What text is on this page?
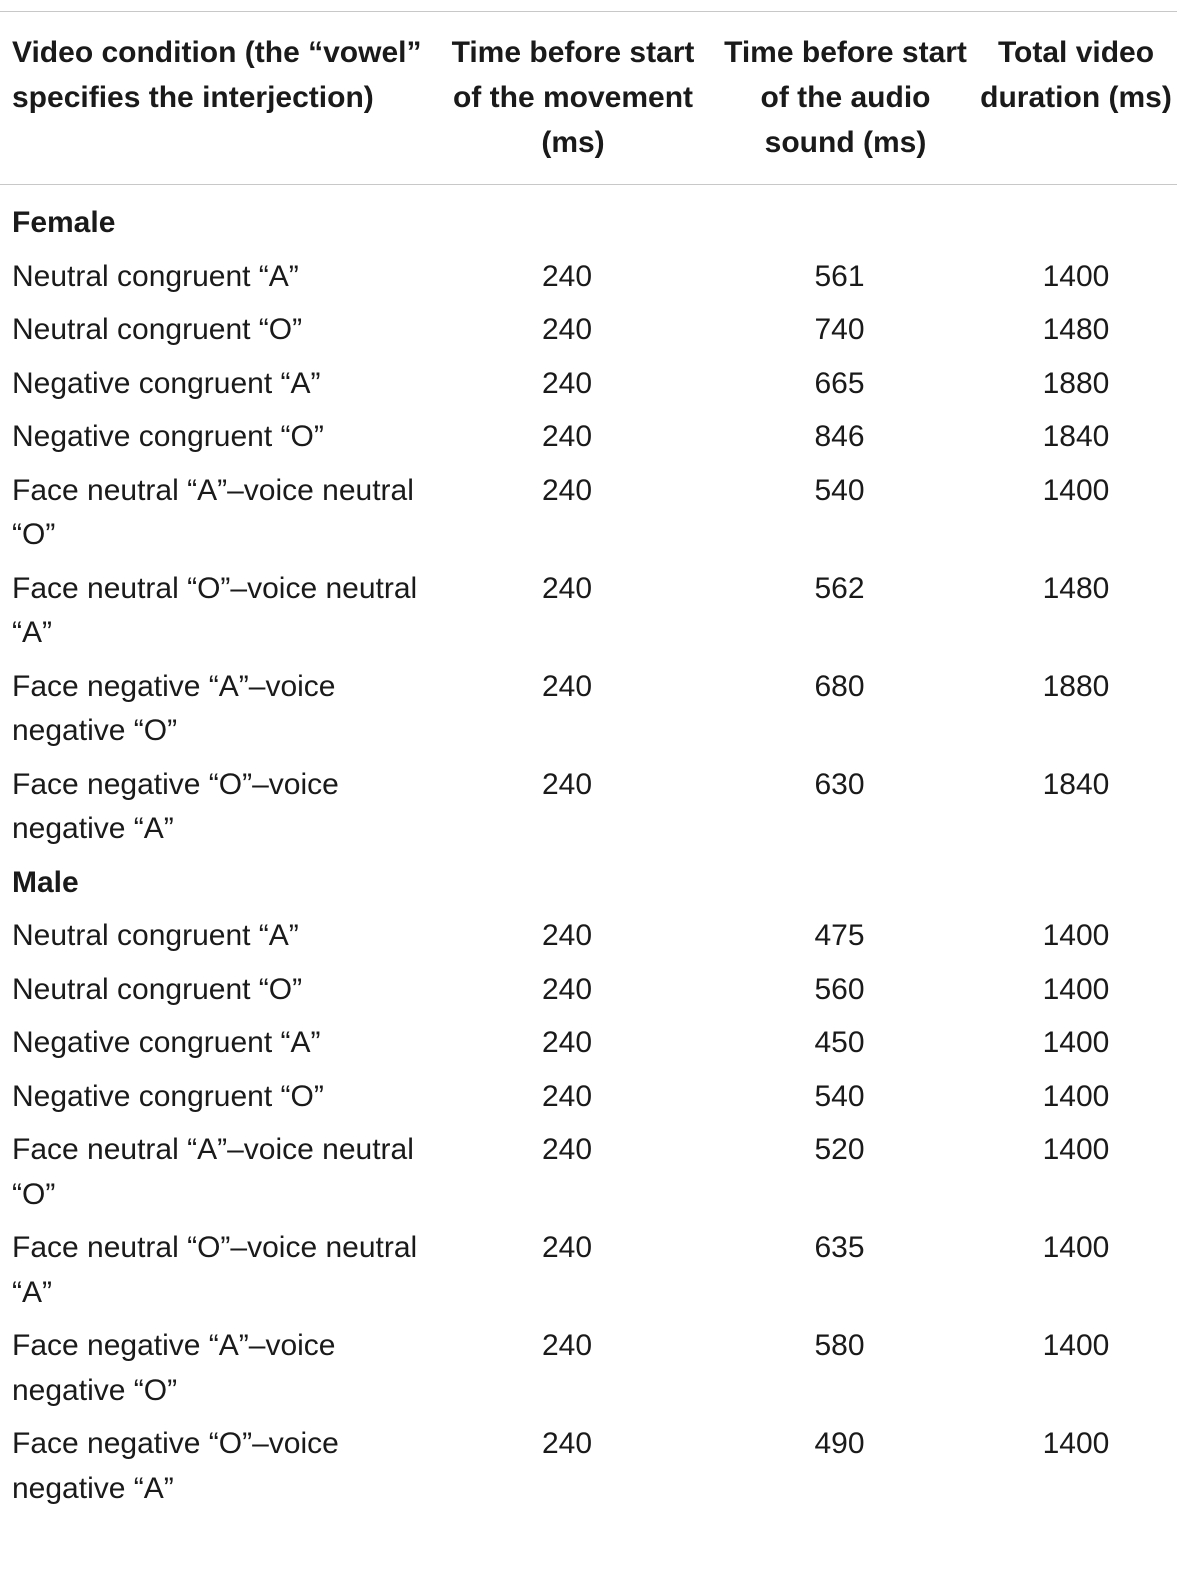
Video condition (the “vowel” specifies the interjection)	Time before start of the movement (ms)	Time before start of the audio sound (ms)	Total video duration (ms)
Female			
Neutral congruent “A”	240	561	1400
Neutral congruent “O”	240	740	1480
Negative congruent “A”	240	665	1880
Negative congruent “O”	240	846	1840
Face neutral “A”–voice neutral “O”	240	540	1400
Face neutral “O”–voice neutral “A”	240	562	1480
Face negative “A”–voice negative “O”	240	680	1880
Face negative “O”–voice negative “A”	240	630	1840
Male			
Neutral congruent “A”	240	475	1400
Neutral congruent “O”	240	560	1400
Negative congruent “A”	240	450	1400
Negative congruent “O”	240	540	1400
Face neutral “A”–voice neutral “O”	240	520	1400
Face neutral “O”–voice neutral “A”	240	635	1400
Face negative “A”–voice negative “O”	240	580	1400
Face negative “O”–voice negative “A”	240	490	1400
